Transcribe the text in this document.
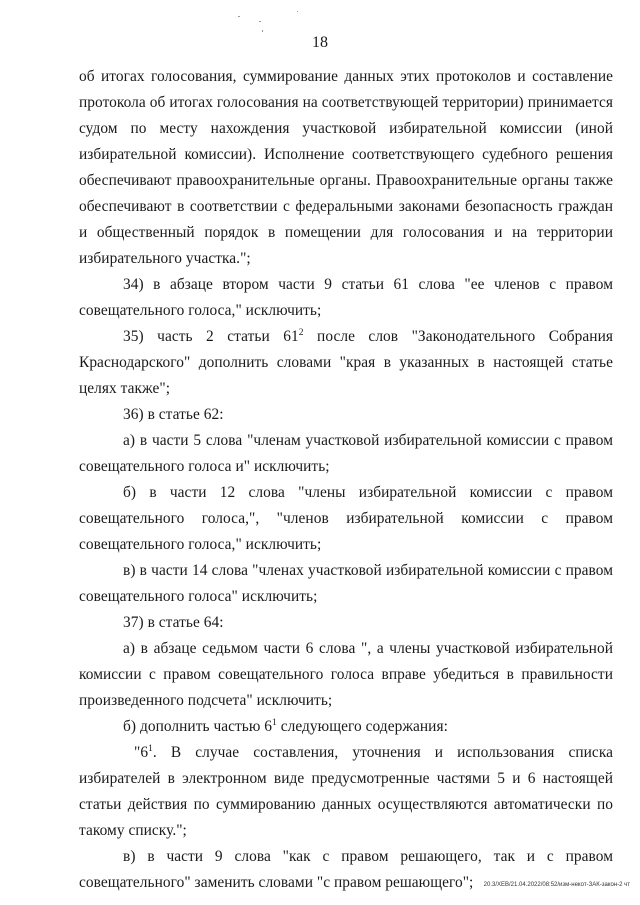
18

об итогах голосования, суммирование данных этих протоколов и составление протокола об итогах голосования на соответствующей территории) принимается судом по месту нахождения участковой избирательной комиссии (иной избирательной комиссии). Исполнение соответствующего судебного решения обеспечивают правоохранительные органы. Правоохранительные органы также обеспечивают в соответствии с федеральными законами безопасность граждан и общественный порядок в помещении для голосования и на территории избирательного участка.";

34) в абзаце втором части 9 статьи 61 слова "ее членов с правом совещательного голоса," исключить;

35) часть 2 статьи $61^2$ после слов "Законодательного Собрания Краснодарского" дополнить словами "края в указанных в настоящей статье целях также";

36) в статье 62:

а) в части 5 слова "членам участковой избирательной комиссии с правом совещательного голоса и" исключить;

б) в части 12 слова "члены избирательной комиссии с правом совещательного голоса,", "членов избирательной комиссии с правом совещательного голоса," исключить;

в) в части 14 слова "членах участковой избирательной комиссии с правом совещательного голоса" исключить;

37) в статье 64:

а) в абзаце седьмом части 6 слова ", а члены участковой избирательной комиссии с правом совещательного голоса вправе убедиться в правильности произведенного подсчета" исключить;

б) дополнить частью $6^1$ следующего содержания:

"$6^1$. В случае составления, уточнения и использования списка избирателей в электронном виде предусмотренные частями 5 и 6 настоящей статьи действия по суммированию данных осуществляются автоматически по такому списку.";

в) в части 9 слова "как с правом решающего, так и с правом совещательного" заменить словами "с правом решающего";	20.3/XEB/21.04.2022/08:52/изм-некот-ЗАК-закон-2 чт
